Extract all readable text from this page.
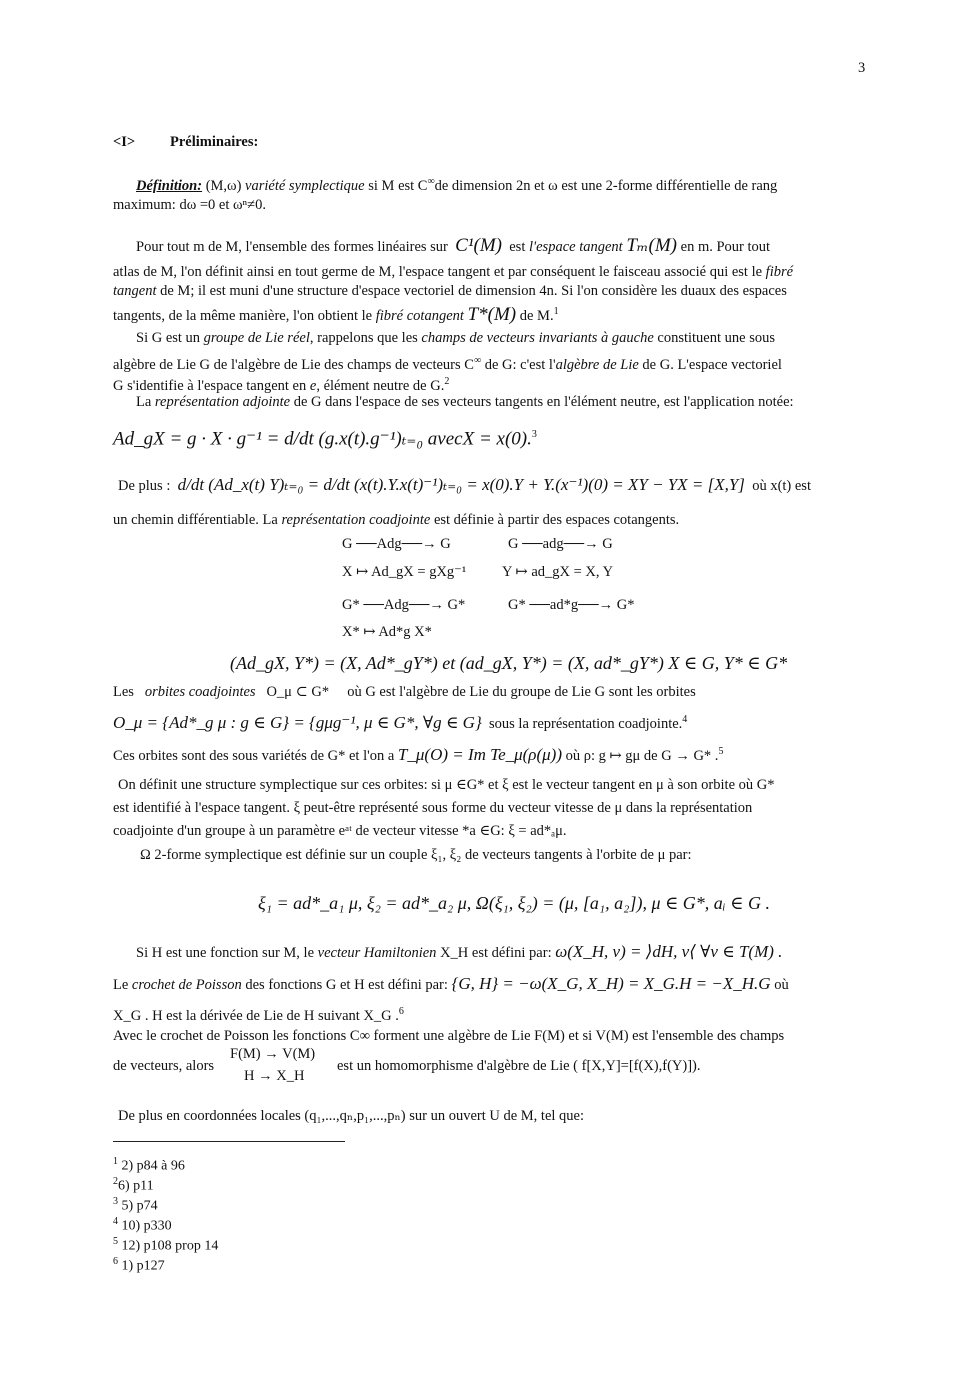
3
<I> Préliminaires:
Définition: (M,ω) variété symplectique si M est C∞de dimension 2n et ω est une 2-forme différentielle de rang
maximum: dω =0 et ωⁿ≠0.
Pour tout m de M, l'ensemble des formes linéaires sur C¹(M) est l'espace tangent Tₘ(M) en m. Pour tout
atlas de M, l'on définit ainsi en tout germe de M, l'espace tangent et par conséquent le faisceau associé qui est le fibré
tangent de M; il est muni d'une structure d'espace vectoriel de dimension 4n. Si l'on considère les duaux des espaces
tangents, de la même manière, l'on obtient le fibré cotangent T*(M) de M.$^1$
Si G est un groupe de Lie réel, rappelons que les champs de vecteurs invariants à gauche constituent une sous
algèbre de Lie G de l'algèbre de Lie des champs de vecteurs C∞ de G: c'est l'algèbre de Lie de G. L'espace vectoriel
G s'identifie à l'espace tangent en e, élément neutre de G.$^2$
La représentation adjointe de G dans l'espace de ses vecteurs tangents en l'élément neutre, est l'application notée:
Ad_gX = g · X · g⁻¹ = d/dt (g.x(t).g⁻¹)ₜ₌₀ avecX = x(0).$^3$
De plus : d/dt (Ad_x(t) Y)ₜ₌₀ = d/dt (x(t).Y.x(t)⁻¹)ₜ₌₀ = x(0).Y + Y.(x⁻¹)(0) = XY − YX = [X,Y] où x(t) est
un chemin différentiable. La représentation coadjointe est définie à partir des espaces cotangents.
G ──Adg──→ G	G ──adg──→ G
X ↦ Ad_gX = gXg⁻¹ Y ↦ ad_gX = X, Y
G* ──Adg──→ G*	G* ──ad*g──→ G*
X* ↦ Ad*g X*
(Ad_gX, Y*) = (X, Ad*_gY*) et (ad_gX, Y*) = (X, ad*_gY*) X ∈ G, Y* ∈ G*
Les orbites coadjointes O_μ ⊂ G* où G est l'algèbre de Lie du groupe de Lie G sont les orbites
O_μ = {Ad*_g μ : g ∈ G} = {gμg⁻¹, μ ∈ G*, ∀g ∈ G} sous la représentation coadjointe.$^4$
Ces orbites sont des sous variétés de G* et l'on a T_μ(O) = Im Te_μ(ρ(μ)) où ρ: g ↦ gμ de G → G* .$^5$
On définit une structure symplectique sur ces orbites: si μ ∈G* et ξ est le vecteur tangent en μ à son orbite où G*
est identifié à l'espace tangent. ξ peut-être représenté sous forme du vecteur vitesse de μ dans la représentation
coadjointe d'un groupe à un paramètre eᵃᵗ de vecteur vitesse *a ∈G: ξ = ad*ₐμ.
Ω 2-forme symplectique est définie sur un couple ξ₁, ξ₂ de vecteurs tangents à l'orbite de μ par:
ξ₁ = ad*_a₁ μ, ξ₂ = ad*_a₂ μ, Ω(ξ₁, ξ₂) = (μ, [a₁, a₂]), μ ∈ G*, aᵢ ∈ G .
Si H est une fonction sur M, le vecteur Hamiltonien X_H est défini par: ω(X_H, ν) = ⟩dH, ν⟨ ∀ν ∈ T(M) .
Le crochet de Poisson des fonctions G et H est défini par: {G, H} = −ω(X_G, X_H) = X_G.H = −X_H.G où
X_G . H est la dérivée de Lie de H suivant X_G .$^6$
Avec le crochet de Poisson les fonctions C∞ forment une algèbre de Lie F(M) et si V(M) est l'ensemble des champs
de vecteurs, alors
F(M) → V(M)
H → X_H
est un homomorphisme d'algèbre de Lie ( f[X,Y]=[f(X),f(Y)]).
De plus en coordonnées locales (q₁,...,qₙ,p₁,...,pₙ) sur un ouvert U de M, tel que:
$^1$ 2) p84 à 96
$^2$6) p11
$^3$ 5) p74
$^4$ 10) p330
$^5$ 12) p108 prop 14
$^6$ 1) p127
